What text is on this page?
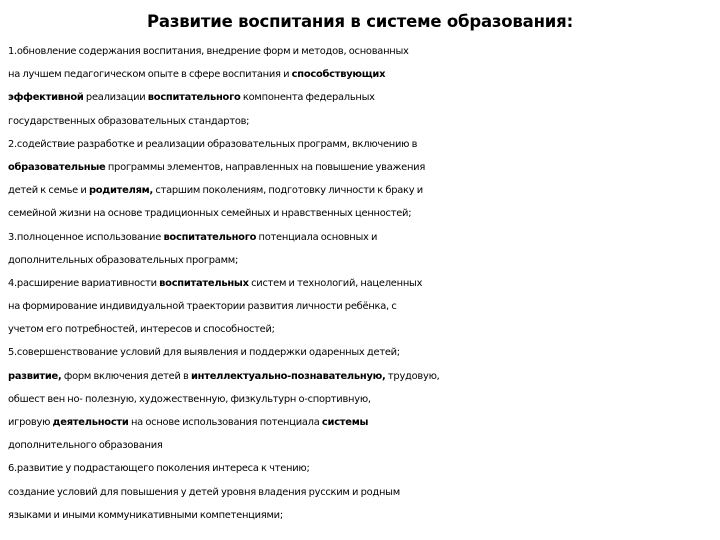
Развитие воспитания в системе образования:
1.обновление содержания воспитания, внедрение форм и методов, основанных
на лучшем педагогическом опыте в сфере воспитания и способствующих
эффективной реализации воспитательного компонента федеральных
государственных образовательных стандартов;
2.содействие разработке и реализации образовательных программ, включению в
образовательные программы элементов, направленных на повышение уважения
детей к семье и родителям, старшим поколениям, подготовку личности к браку и
семейной жизни на основе традиционных семейных и нравственных ценностей;
3.полноценное использование воспитательного потенциала основных и
дополнительных образовательных программ;
4.расширение вариативности воспитательных систем и технологий, нацеленных
на формирование индивидуальной траектории развития личности ребёнка, с
учетом его потребностей, интересов и способностей;
5.совершенствование условий для выявления и поддержки одаренных детей;
развитие, форм включения детей в интеллектуально-познавательную, трудовую,
обшест вен но- полезную, художественную, физкультурн о-спортивную,
игровую деятельности на основе использования потенциала системы
дополнительного образования
6.развитие у подрастающего поколения интереса к чтению;
создание условий для повышения у детей уровня владения русским и родным
языками и иными коммуникативными компетенциями;
